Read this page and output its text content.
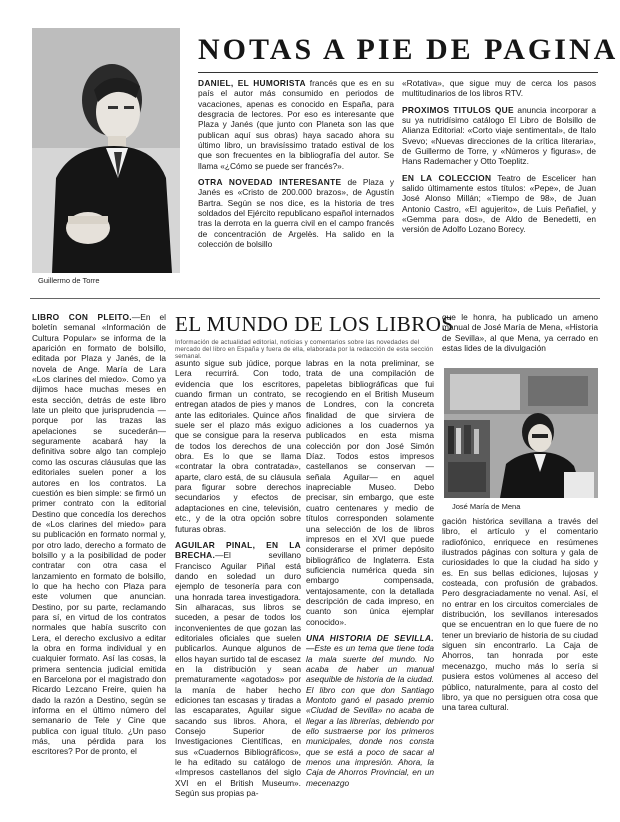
Guillermo de Torre
NOTAS A PIE DE PAGINA

DANIEL, EL HUMORISTA francés que es en su país el autor más consumido en periodos de vacaciones, apenas es conocido en España, para desgracia de lectores. Por eso es interesante que Plaza y Janés (que junto con Planeta son las que publican aquí sus obras) haya sacado ahora su último libro, un bravisíssimo tratado estival de los que son frecuentes en la bibliografía del autor. Se llama «¿Cómo se puede ser francés?».

OTRA NOVEDAD INTERESANTE de Plaza y Janés es «Cristo de 200.000 brazos», de Agustín Bartra. Según se nos dice, es la historia de tres soldados del Ejército republicano español internados tras la derrota en la guerra civil en el campo francés de concentración de Argelès. Ha salido en la colección de bolsillo

«Rotativa», que sigue muy de cerca los pasos multitudinarios de los libros RTV.

PROXIMOS TITULOS QUE anuncia incorporar a su ya nutridísimo catálogo El Libro de Bolsillo de Alianza Editorial: «Corto viaje sentimental», de Italo Svevo; «Nuevas direcciones de la crítica literaria», de Guillermo de Torre, y «Números y figuras», de Hans Rademacher y Otto Toeplitz.

EN LA COLECCION Teatro de Escelicer han salido últimamente estos títulos: «Pepe», de Juan José Alonso Millán; «Tiempo de 98», de Juan Antonio Castro, «El agujerito», de Luis Peñafiel, y «Gemma para dos», de Aldo de Benedetti, en versión de Adolfo Lozano Borecy.

LIBRO CON PLEITO.—En el boletín semanal «Información de Cultura Popular» se informa de la aparición en formato de bolsillo, editada por Plaza y Janés, de la novela de Ange. María de Lara «Los clarines del miedo». Como ya dijimos hace muchas meses en esta sección, detrás de este libro late un pleito que jurisprudencia —porque por las trazas las apelaciones se sucederán— seguramente acabará hay la definitiva sobre algo tan complejo como las oscuras cláusulas que las editoriales suelen poner a los autores en los contratos. La cuestión es bien simple: se firmó un primer contrato con la editorial Destino que concedía los derechos de «Los clarines del miedo» para su publicación en formato normal y, por otro lado, derecho a formato de bolsillo y a la posibilidad de poder contratar con otra casa el lanzamiento en formato de bolsillo, lo que ha hecho con Plaza para este volumen que anuncian. Destino, por su parte, reclamando para sí, en virtud de los contratos normales que había suscrito con Lera, el derecho exclusivo a editar la obra en forma individual y en cualquier formato. Así las cosas, la primera sentencia judicial emitida en Barcelona por el magistrado don Ricardo Lezcano Freire, quien ha dado la razón a Destino, según se informa en el último número del semanario de Tele y Cine que publica con igual título. ¿Un paso más, una pérdida para los escritores? Por de pronto, el

EL MUNDO DE LOS LIBROS
Información de actualidad editorial, noticias y comentarios sobre las novedades del mercado del libro en España y fuera de ella, elaborada por la redacción de esta sección semanal.

asunto sigue sub júdice, porque Lera recurrirá. Con todo, evidencia que los escritores, cuando firman un contrato, se entregan atados de pies y manos ante las editoriales. Quince años suele ser el plazo más exiguo que se consigue para la reserva de todos los derechos de una obra. Es lo que se llama «contratar la obra contratada», aparte, claro está, de su cláusula para figurar sobre derechos secundarios y efectos de adaptaciones en cine, televisión, etc., y de la otra opción sobre futuras obras.

AGUILAR PINAL, EN LA BRECHA.—El sevillano Francisco Aguilar Piñal está dando en soledad un duro ejemplo de tesonería para con una honrada tarea investigadora. Sin alharacas, sus libros se suceden, a pesar de todos los inconvenientes de que gozan las editoriales oficiales que suelen publicarlos. Aunque algunos de ellos hayan surtido tal de escasez en la distribución y sean prematuramente «agotados» por la manía de haber hecho ediciones tan escasas y tiradas a las escaparates, Aguilar sigue sacando sus libros. Ahora, el Consejo Superior de Investigaciones Científicas, en sus «Cuadernos Bibliográficos», le ha editado su catálogo de «Impresos castellanos del siglo XVI en el British Museum». Según sus propias pa-

labras en la nota preliminar, se trata de una compilación de papeletas bibliográficas que fui recogiendo en el British Museum de Londres, con la concreta finalidad de que sirviera de adiciones a los cuadernos ya publicados en esta misma colección por don José Simón Díaz. Todos estos impresos castellanos se conservan —señala Aguilar— en aquel inapreciable Museo. Debo precisar, sin embargo, que este cuatro centenares y medio de títulos corresponden solamente una selección de los de libros impresos en el XVI que puede considerarse el primer depósito bibliográfico de Inglaterra. Esta suficiencia numérica queda sin embargo compensada, ventajosamente, con la detallada descripción de cada impreso, en cuanto son única ejemplar conocido».

UNA HISTORIA DE SEVILLA.—Este es un tema que tiene toda la mala suerte del mundo. No acaba de haber un manual asequible de historia de la ciudad. El libro con que don Santiago Montoto ganó el pasado premio «Ciudad de Sevilla» no acaba de llegar a las librerías, debiendo por ello sustraerse por los primeros municipales, donde nos consta que se está a poco de sacar al menos una impresión. Ahora, la Caja de Ahorros Provincial, en un mecenazgo

que le honra, ha publicado un ameno manual de José María de Mena, «Historia de Sevilla», al que Mena, ya cerrado en estas lides de la divulgación

José María de Mena

gación histórica sevillana a través del libro, el artículo y el comentario radiofónico, enriquece en resúmenes ilustrados páginas con soltura y gala de curiosidades lo que la ciudad ha sido y es. En sus bellas ediciones, lujosas y costeada, con profusión de grabados. Pero desgraciadamente no venal. Así, el no entrar en los circuitos comerciales de distribución, los sevillanos interesados que se encuentran en lo que fuere de no tener un breviario de historia de su ciudad siguen sin encontrarlo. La Caja de Ahorros, tan honrada por este mecenazgo, mucho más lo sería si pusiera estos volúmenes al acceso del público, naturalmente, para al costo del libro, ya que no persiguen otra cosa que una tarea cultural.
